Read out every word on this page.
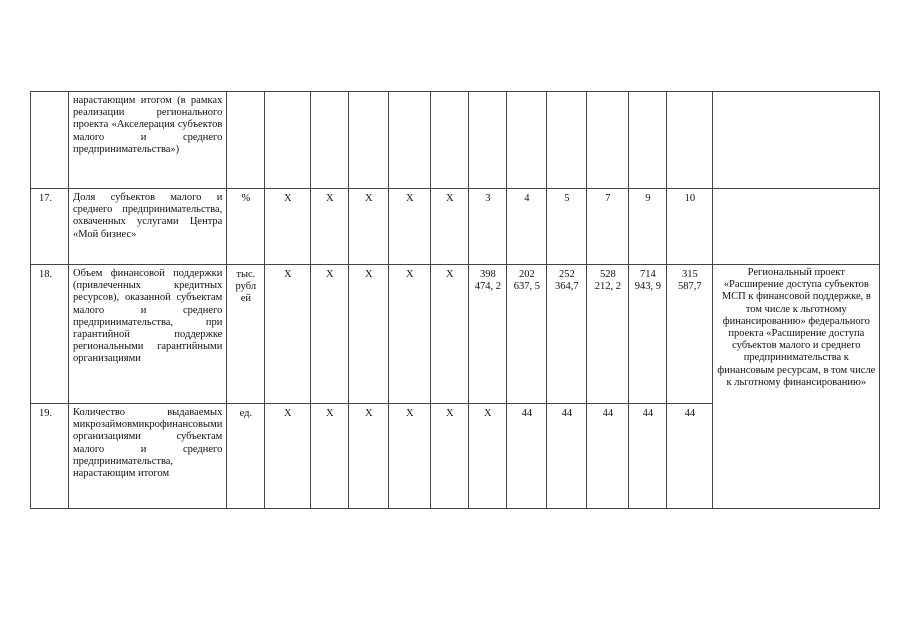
	нарастающим итогом (в рамках реализации регионального проекта «Акселерация субъектов малого и среднего предпринимательства»)													
17.	Доля субъектов малого и среднего предпринимательства, охваченных услугами Центра «Мой бизнес»	%	X	X	X	X	X	3	4	5	7	9	10	
18.	Объем финансовой поддержки (привлеченных кредитных ресурсов), оказанной субъектам малого и среднего предпринимательства, при гарантийной поддержке региональными гарантийными организациями	тыс. рубл ей	X	X	X	X	X	398 474, 2	202 637, 5	252 364,7	528 212, 2	714 943, 9	315 587,7	Региональный проект «Расширение доступа субъектов МСП к финансовой поддержке, в том числе к льготному финансированию» федерального проекта «Расширение доступа субъектов малого и среднего предпринимательства к финансовым ресурсам, в том числе к льготному финансированию»
19.	Количество выдаваемых микрозаймовмикрофинансовыми организациями субъектам малого и среднего предпринимательства, нарастающим итогом	ед.	X	X	X	X	X	X	44	44	44	44	44	
